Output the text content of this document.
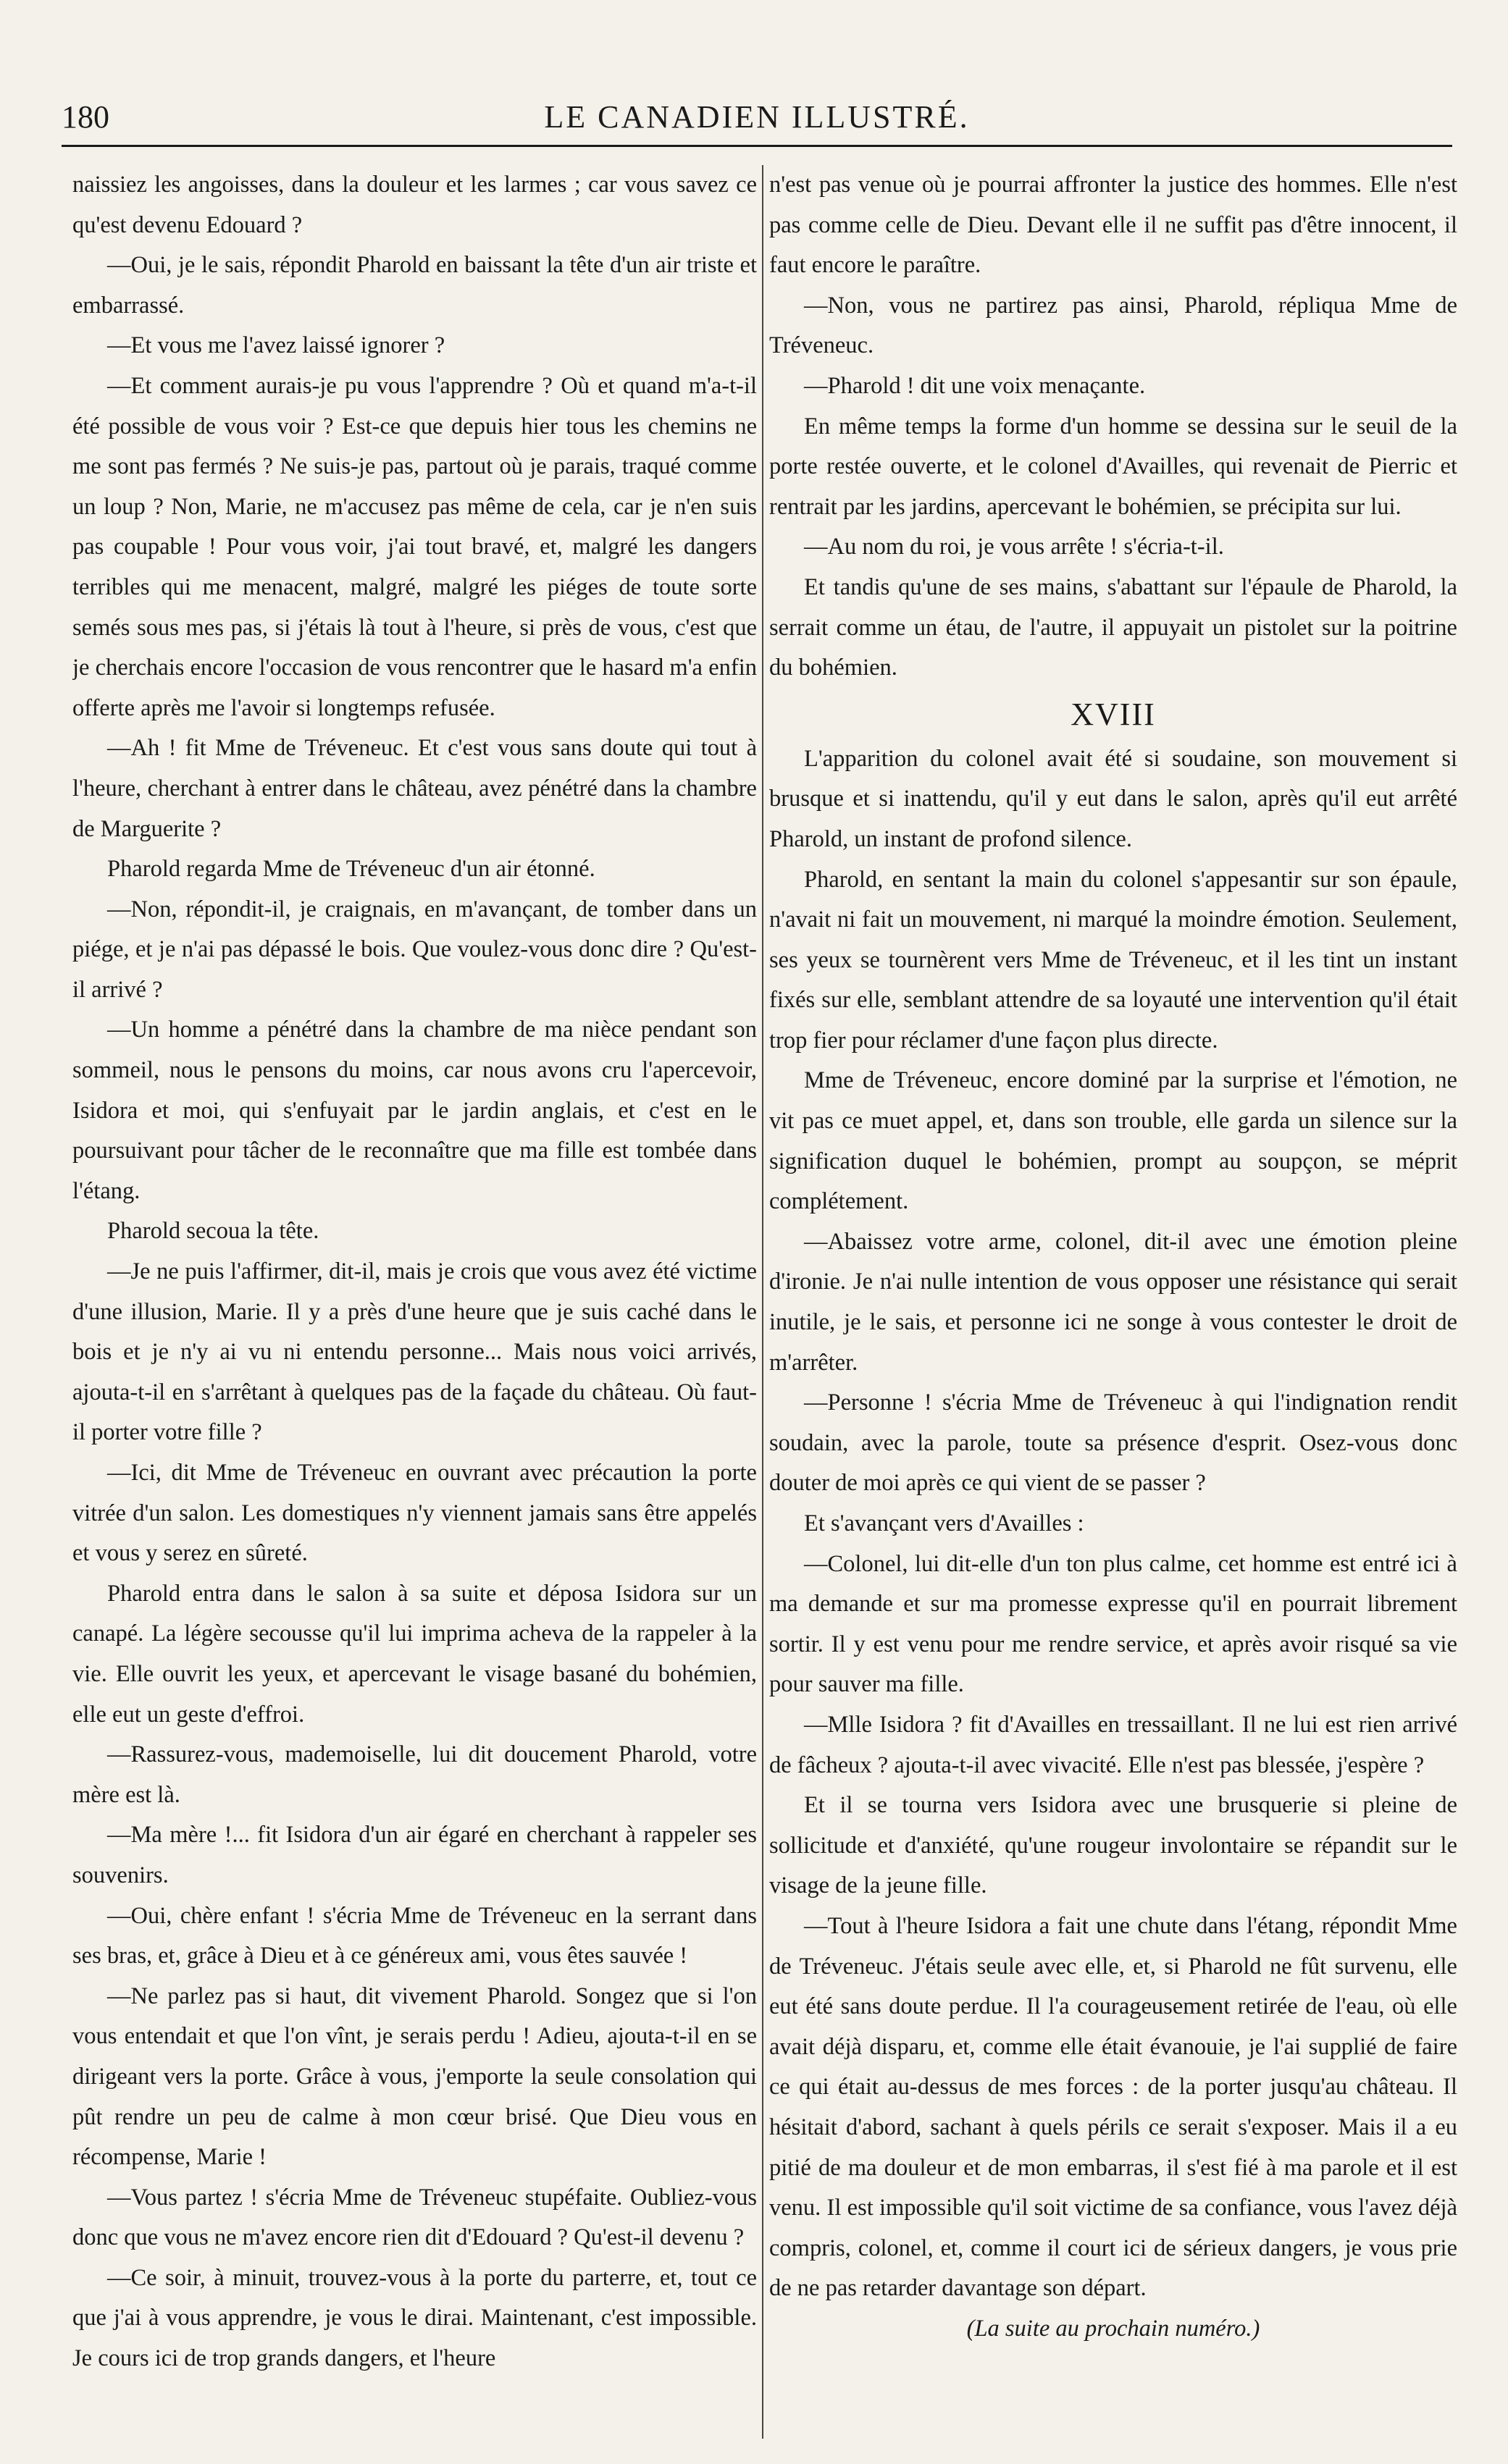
180	LE CANADIEN ILLUSTRÉ.

naissiez les angoisses, dans la douleur et les larmes ; car vous savez ce qu'est devenu Edouard ?

—Oui, je le sais, répondit Pharold en baissant la tête d'un air triste et embarrassé.

—Et vous me l'avez laissé ignorer ?

—Et comment aurais-je pu vous l'apprendre ? Où et quand m'a-t-il été possible de vous voir ? Est-ce que depuis hier tous les chemins ne me sont pas fermés ? Ne suis-je pas, partout où je parais, traqué comme un loup ? Non, Marie, ne m'accusez pas même de cela, car je n'en suis pas coupable ! Pour vous voir, j'ai tout bravé, et, malgré les dangers terribles qui me menacent, malgré, malgré les piéges de toute sorte semés sous mes pas, si j'étais là tout à l'heure, si près de vous, c'est que je cherchais encore l'occasion de vous rencontrer que le hasard m'a enfin offerte après me l'avoir si longtemps refusée.

—Ah ! fit Mme de Tréveneuc. Et c'est vous sans doute qui tout à l'heure, cherchant à entrer dans le château, avez pénétré dans la chambre de Marguerite ?

Pharold regarda Mme de Tréveneuc d'un air étonné.

—Non, répondit-il, je craignais, en m'avançant, de tomber dans un piége, et je n'ai pas dépassé le bois. Que voulez-vous donc dire ? Qu'est-il arrivé ?

—Un homme a pénétré dans la chambre de ma nièce pendant son sommeil, nous le pensons du moins, car nous avons cru l'apercevoir, Isidora et moi, qui s'enfuyait par le jardin anglais, et c'est en le poursuivant pour tâcher de le reconnaître que ma fille est tombée dans l'étang.

Pharold secoua la tête.

—Je ne puis l'affirmer, dit-il, mais je crois que vous avez été victime d'une illusion, Marie. Il y a près d'une heure que je suis caché dans le bois et je n'y ai vu ni entendu personne... Mais nous voici arrivés, ajouta-t-il en s'arrêtant à quelques pas de la façade du château. Où faut-il porter votre fille ?

—Ici, dit Mme de Tréveneuc en ouvrant avec précaution la porte vitrée d'un salon. Les domestiques n'y viennent jamais sans être appelés et vous y serez en sûreté.

Pharold entra dans le salon à sa suite et déposa Isidora sur un canapé. La légère secousse qu'il lui imprima acheva de la rappeler à la vie. Elle ouvrit les yeux, et apercevant le visage basané du bohémien, elle eut un geste d'effroi.

—Rassurez-vous, mademoiselle, lui dit doucement Pharold, votre mère est là.

—Ma mère !... fit Isidora d'un air égaré en cherchant à rappeler ses souvenirs.

—Oui, chère enfant ! s'écria Mme de Tréveneuc en la serrant dans ses bras, et, grâce à Dieu et à ce généreux ami, vous êtes sauvée !

—Ne parlez pas si haut, dit vivement Pharold. Songez que si l'on vous entendait et que l'on vînt, je serais perdu ! Adieu, ajouta-t-il en se dirigeant vers la porte. Grâce à vous, j'emporte la seule consolation qui pût rendre un peu de calme à mon cœur brisé. Que Dieu vous en récompense, Marie !

—Vous partez ! s'écria Mme de Tréveneuc stupéfaite. Oubliez-vous donc que vous ne m'avez encore rien dit d'Edouard ? Qu'est-il devenu ?

—Ce soir, à minuit, trouvez-vous à la porte du parterre, et, tout ce que j'ai à vous apprendre, je vous le dirai. Maintenant, c'est impossible. Je cours ici de trop grands dangers, et l'heure

n'est pas venue où je pourrai affronter la justice des hommes. Elle n'est pas comme celle de Dieu. Devant elle il ne suffit pas d'être innocent, il faut encore le paraître.

—Non, vous ne partirez pas ainsi, Pharold, répliqua Mme de Tréveneuc.

—Pharold ! dit une voix menaçante.

En même temps la forme d'un homme se dessina sur le seuil de la porte restée ouverte, et le colonel d'Availles, qui revenait de Pierric et rentrait par les jardins, apercevant le bohémien, se précipita sur lui.

—Au nom du roi, je vous arrête ! s'écria-t-il.

Et tandis qu'une de ses mains, s'abattant sur l'épaule de Pharold, la serrait comme un étau, de l'autre, il appuyait un pistolet sur la poitrine du bohémien.

XVIII

L'apparition du colonel avait été si soudaine, son mouvement si brusque et si inattendu, qu'il y eut dans le salon, après qu'il eut arrêté Pharold, un instant de profond silence.

Pharold, en sentant la main du colonel s'appesantir sur son épaule, n'avait ni fait un mouvement, ni marqué la moindre émotion. Seulement, ses yeux se tournèrent vers Mme de Tréveneuc, et il les tint un instant fixés sur elle, semblant attendre de sa loyauté une intervention qu'il était trop fier pour réclamer d'une façon plus directe.

Mme de Tréveneuc, encore dominé par la surprise et l'émotion, ne vit pas ce muet appel, et, dans son trouble, elle garda un silence sur la signification duquel le bohémien, prompt au soupçon, se méprit complétement.

—Abaissez votre arme, colonel, dit-il avec une émotion pleine d'ironie. Je n'ai nulle intention de vous opposer une résistance qui serait inutile, je le sais, et personne ici ne songe à vous contester le droit de m'arrêter.

—Personne ! s'écria Mme de Tréveneuc à qui l'indignation rendit soudain, avec la parole, toute sa présence d'esprit. Osez-vous donc douter de moi après ce qui vient de se passer ?

Et s'avançant vers d'Availles :

—Colonel, lui dit-elle d'un ton plus calme, cet homme est entré ici à ma demande et sur ma promesse expresse qu'il en pourrait librement sortir. Il y est venu pour me rendre service, et après avoir risqué sa vie pour sauver ma fille.

—Mlle Isidora ? fit d'Availles en tressaillant. Il ne lui est rien arrivé de fâcheux ? ajouta-t-il avec vivacité. Elle n'est pas blessée, j'espère ?

Et il se tourna vers Isidora avec une brusquerie si pleine de sollicitude et d'anxiété, qu'une rougeur involontaire se répandit sur le visage de la jeune fille.

—Tout à l'heure Isidora a fait une chute dans l'étang, répondit Mme de Tréveneuc. J'étais seule avec elle, et, si Pharold ne fût survenu, elle eut été sans doute perdue. Il l'a courageusement retirée de l'eau, où elle avait déjà disparu, et, comme elle était évanouie, je l'ai supplié de faire ce qui était au-dessus de mes forces : de la porter jusqu'au château. Il hésitait d'abord, sachant à quels périls ce serait s'exposer. Mais il a eu pitié de ma douleur et de mon embarras, il s'est fié à ma parole et il est venu. Il est impossible qu'il soit victime de sa confiance, vous l'avez déjà compris, colonel, et, comme il court ici de sérieux dangers, je vous prie de ne pas retarder davantage son départ.

(La suite au prochain numéro.)
